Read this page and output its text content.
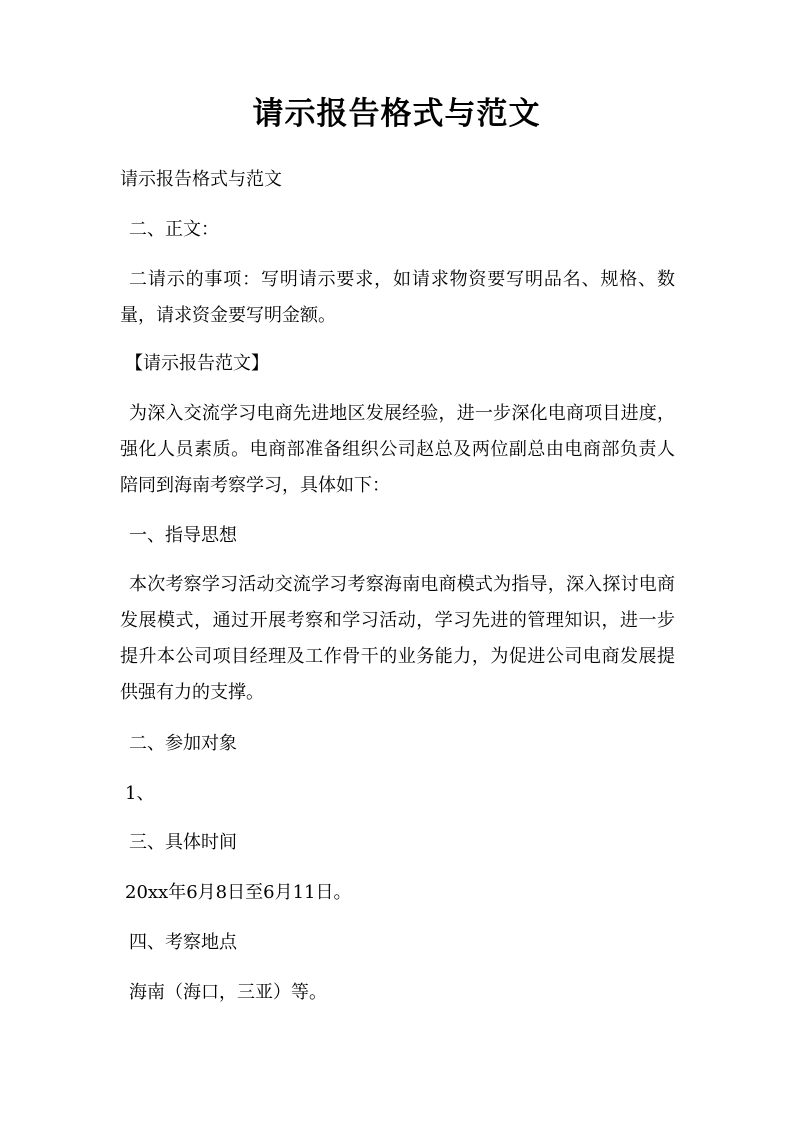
请示报告格式与范文

请示报告格式与范文

二、正文：

二请示的事项：写明请示要求，如请求物资要写明品名、规格、数量，请求资金要写明金额。

【请示报告范文】

为深入交流学习电商先进地区发展经验，进一步深化电商项目进度，强化人员素质。电商部准备组织公司赵总及两位副总由电商部负责人陪同到海南考察学习，具体如下：

一、指导思想

本次考察学习活动交流学习考察海南电商模式为指导，深入探讨电商发展模式，通过开展考察和学习活动，学习先进的管理知识，进一步提升本公司项目经理及工作骨干的业务能力，为促进公司电商发展提供强有力的支撑。

二、参加对象

1、

三、具体时间

20xx年6月8日至6月11日。

四、考察地点

海南（海口，三亚）等。
